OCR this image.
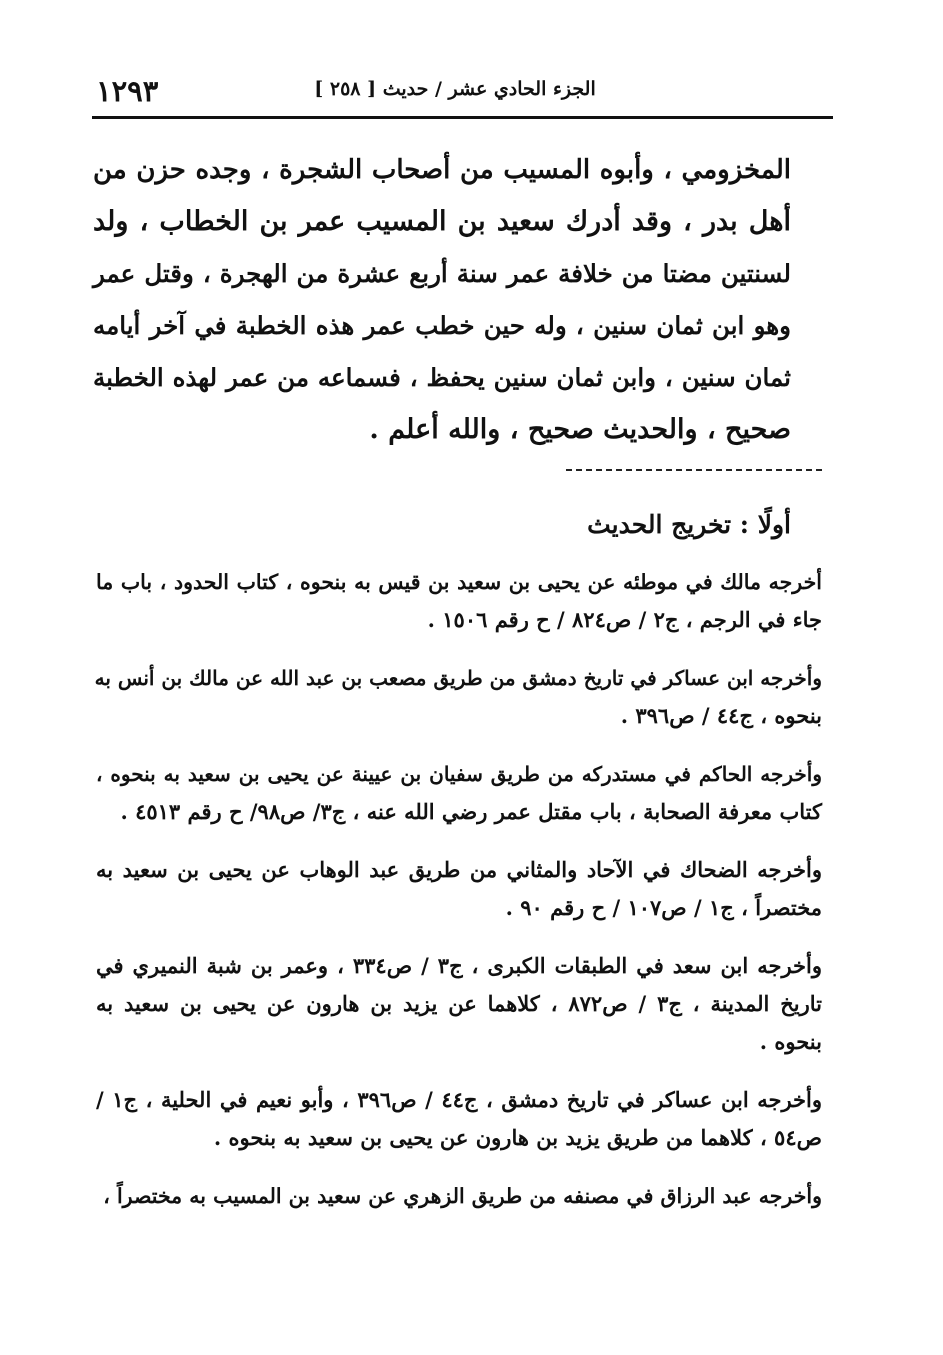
١٢٩٣	الجزء الحادي عشر / حديث [ ٢٥٨ ]
المخزومي ، وأبوه المسيب من أصحاب الشجرة ، وجده حزن من
أهل بدر ، وقد أدرك سعيد بن المسيب عمر بن الخطاب ، ولد
لسنتين مضتا من خلافة عمر سنة أربع عشرة من الهجرة ، وقتل عمر
وهو ابن ثمان سنين ، وله حين خطب عمر هذه الخطبة في آخر أيامه
ثمان سنين ، وابن ثمان سنين يحفظ ، فسماعه من عمر لهذه الخطبة
صحيح ، والحديث صحيح ، والله أعلم .
أولًا : تخريج الحديث
أخرجه مالك في موطئه عن يحيى بن سعيد بن قيس به بنحوه ، كتاب الحدود ، باب ما
جاء في الرجم ، ج٢ / ص٨٢٤ / ح رقم ١٥٠٦ .
وأخرجه ابن عساكر في تاريخ دمشق من طريق مصعب بن عبد الله عن مالك بن أنس به
بنحوه ، ج٤٤ / ص٣٩٦ .
وأخرجه الحاكم في مستدركه من طريق سفيان بن عيينة عن يحيى بن سعيد به بنحوه ،
كتاب معرفة الصحابة ، باب مقتل عمر رضي الله عنه ، ج٣/ ص٩٨/ ح رقم ٤٥١٣ .
وأخرجه الضحاك في الآحاد والمثاني من طريق عبد الوهاب عن يحيى بن سعيد به
مختصراً ، ج١ / ص١٠٧ / ح رقم ٩٠ .
وأخرجه ابن سعد في الطبقات الكبرى ، ج٣ / ص٣٣٤ ، وعمر بن شبة النميري في
تاريخ المدينة ، ج٣ / ص٨٧٢ ، كلاهما عن يزيد بن هارون عن يحيى بن سعيد به
بنحوه .
وأخرجه ابن عساكر في تاريخ دمشق ، ج٤٤ / ص٣٩٦ ، وأبو نعيم في الحلية ، ج١ /
ص٥٤ ، كلاهما من طريق يزيد بن هارون عن يحيى بن سعيد به بنحوه .
وأخرجه عبد الرزاق في مصنفه من طريق الزهري عن سعيد بن المسيب به مختصراً ،
